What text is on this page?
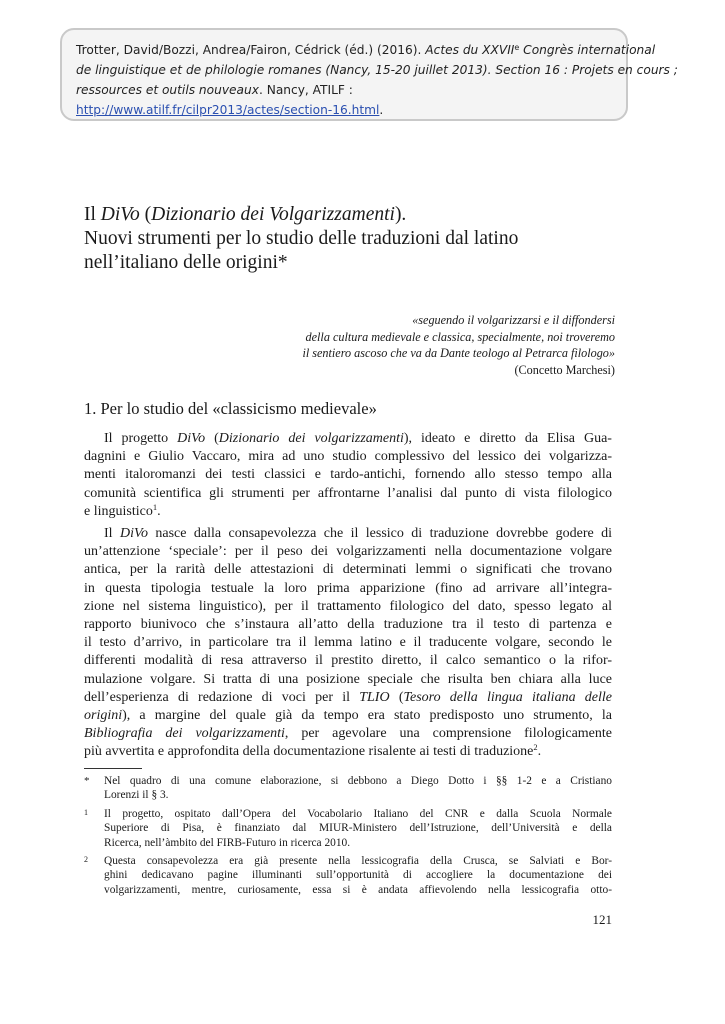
Trotter, David/Bozzi, Andrea/Fairon, Cédrick (éd.) (2016). Actes du XXVIIe Congrès international
de linguistique et de philologie romanes (Nancy, 15-20 juillet 2013). Section 16 : Projets en cours ;
ressources et outils nouveaux. Nancy, ATILF :
http://www.atilf.fr/cilpr2013/actes/section-16.html.
Il DiVo (Dizionario dei Volgarizzamenti).
Nuovi strumenti per lo studio delle traduzioni dal latino
nell’italiano delle origini*
«seguendo il volgarizzarsi e il diffondersi
della cultura medievale e classica, specialmente, noi troveremo
il sentiero ascoso che va da Dante teologo al Petrarca filologo»
(Concetto Marchesi)
1. Per lo studio del «classicismo medievale»
Il progetto DiVo (Dizionario dei volgarizzamenti), ideato e diretto da Elisa Gua-
dagnini e Giulio Vaccaro, mira ad uno studio complessivo del lessico dei volgarizza-
menti italoromanzi dei testi classici e tardo-antichi, fornendo allo stesso tempo alla
comunità scientifica gli strumenti per affrontarne l’analisi dal punto di vista filologico
e linguistico$^1$.
Il DiVo nasce dalla consapevolezza che il lessico di traduzione dovrebbe godere di
un’attenzione ‘speciale’: per il peso dei volgarizzamenti nella documentazione volgare
antica, per la rarità delle attestazioni di determinati lemmi o significati che trovano
in questa tipologia testuale la loro prima apparizione (fino ad arrivare all’integra-
zione nel sistema linguistico), per il trattamento filologico del dato, spesso legato al
rapporto biunivoco che s’instaura all’atto della traduzione tra il testo di partenza e
il testo d’arrivo, in particolare tra il lemma latino e il traducente volgare, secondo le
differenti modalità di resa attraverso il prestito diretto, il calco semantico o la rifor-
mulazione volgare. Si tratta di una posizione speciale che risulta ben chiara alla luce
dell’esperienza di redazione di voci per il TLIO (Tesoro della lingua italiana delle
origini), a margine del quale già da tempo era stato predisposto uno strumento, la
Bibliografia dei volgarizzamenti, per agevolare una comprensione filologicamente
più avvertita e approfondita della documentazione risalente ai testi di traduzione$^2$.
* Nel quadro di una comune elaborazione, si debbono a Diego Dotto i §§ 1-2 e a Cristiano
Lorenzi il § 3.
1 Il progetto, ospitato dall’Opera del Vocabolario Italiano del CNR e dalla Scuola Normale
Superiore di Pisa, è finanziato dal MIUR-Ministero dell’Istruzione, dell’Università e della
Ricerca, nell’àmbito del FIRB-Futuro in ricerca 2010.
2 Questa consapevolezza era già presente nella lessicografia della Crusca, se Salviati e Bor-
ghini dedicavano pagine illuminanti sull’opportunità di accogliere la documentazione dei
volgarizzamenti, mentre, curiosamente, essa si è andata affievolendo nella lessicografia otto-
121
